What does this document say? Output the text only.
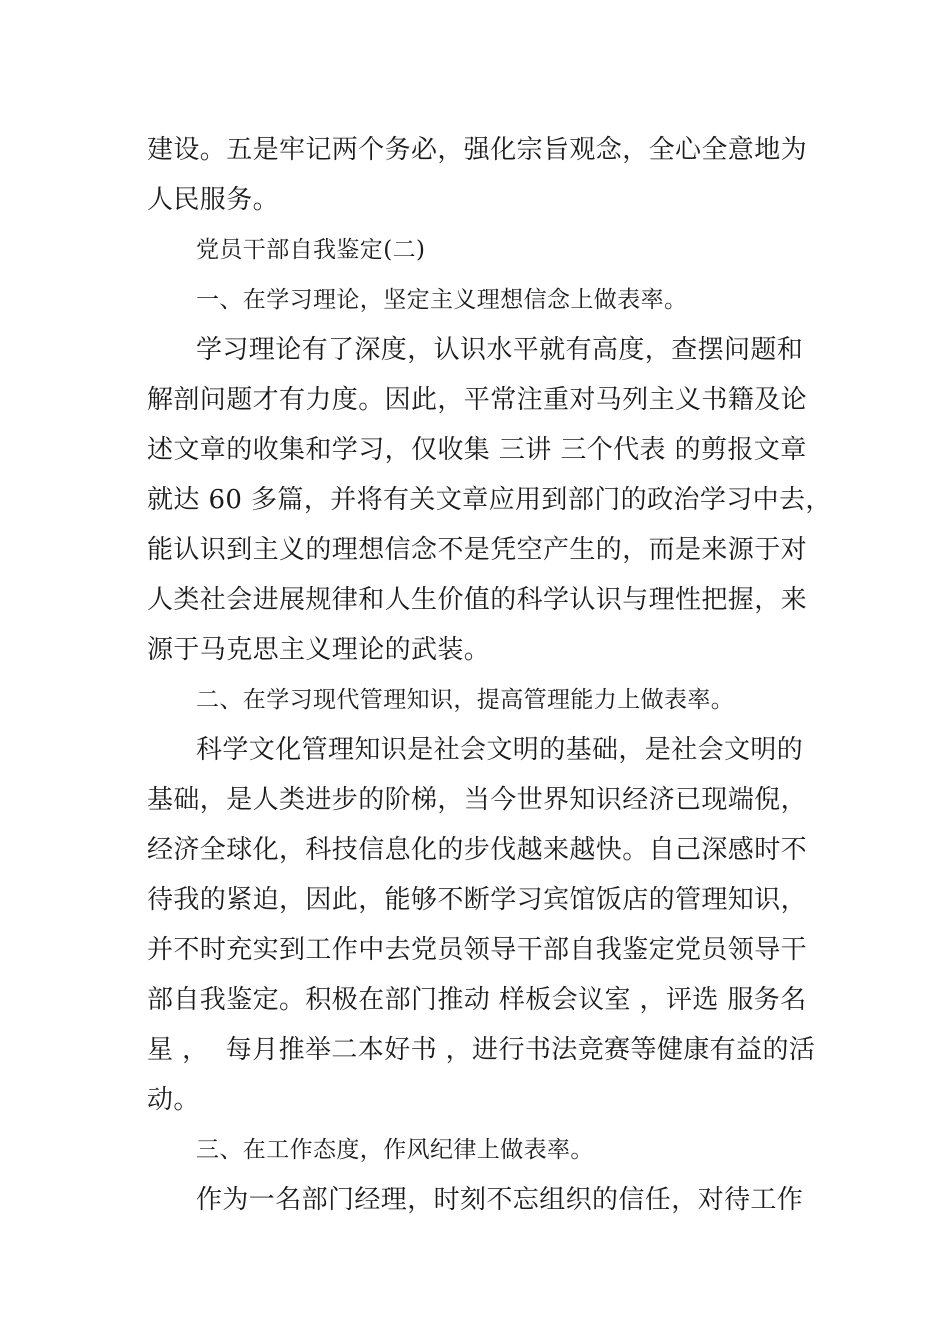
建设。五是牢记两个务必，强化宗旨观念，全心全意地为
人民服务。
党员干部自我鉴定(二)
一、在学习理论，坚定主义理想信念上做表率。
学习理论有了深度，认识水平就有高度，查摆问题和
解剖问题才有力度。因此，平常注重对马列主义书籍及论
述文章的收集和学习，仅收集 三讲 三个代表 的剪报文章
就达 60 多篇，并将有关文章应用到部门的政治学习中去，
能认识到主义的理想信念不是凭空产生的，而是来源于对
人类社会进展规律和人生价值的科学认识与理性把握，来
源于马克思主义理论的武装。
二、在学习现代管理知识，提高管理能力上做表率。
科学文化管理知识是社会文明的基础，是社会文明的
基础，是人类进步的阶梯，当今世界知识经济已现端倪，
经济全球化，科技信息化的步伐越来越快。自己深感时不
待我的紧迫，因此，能够不断学习宾馆饭店的管理知识，
并不时充实到工作中去党员领导干部自我鉴定党员领导干
部自我鉴定。积极在部门推动 样板会议室 ，评选 服务名
星 ，  每月推举二本好书 ，进行书法竞赛等健康有益的活
动。
三、在工作态度，作风纪律上做表率。
作为一名部门经理，时刻不忘组织的信任，对待工作
